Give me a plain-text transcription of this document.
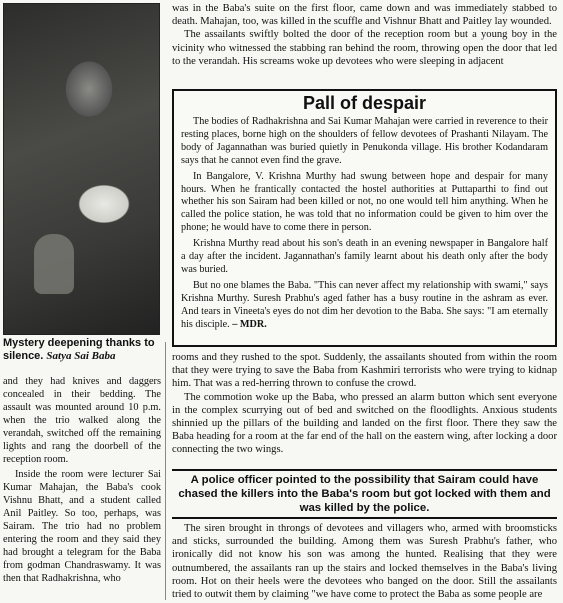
Mystery deepening thanks to silence. Satya Sai Baba

was in the Baba's suite on the first floor, came down and was immediately stabbed to death. Mahajan, too, was killed in the scuffle and Vishnur Bhatt and Paitley lay wounded.

The assailants swiftly bolted the door of the reception room but a young boy in the vicinity who witnessed the stabbing ran behind the room, throwing open the door that led to the verandah. His screams woke up devotees who were sleeping in adjacent

Pall of despair

The bodies of Radhakrishna and Sai Kumar Mahajan were carried in reverence to their resting places, borne high on the shoulders of fellow devotees of Prashanti Nilayam. The body of Jagannathan was buried quietly in Penukonda village. His brother Kodandaram says that he cannot even find the grave.

In Bangalore, V. Krishna Murthy had swung between hope and despair for many hours. When he frantically contacted the hostel authorities at Puttaparthi to find out whether his son Sairam had been killed or not, no one would tell him anything. When he called the police station, he was told that no information could be given to him over the phone; he would have to come there in person.

Krishna Murthy read about his son's death in an evening newspaper in Bangalore half a day after the incident. Jagannathan's family learnt about his death only after the body was buried.

But no one blames the Baba. "This can never affect my relationship with swami," says Krishna Murthy. Suresh Prabhu's aged father has a busy routine in the ashram as ever. And tears in Vineeta's eyes do not dim her devotion to the Baba. She says: "I am eternally his disciple. – MDR.

and they had knives and daggers concealed in their bedding. The assault was mounted around 10 p.m. when the trio walked along the verandah, switched off the remaining lights and rang the doorbell of the reception room.

Inside the room were lecturer Sai Kumar Mahajan, the Baba's cook Vishnu Bhatt, and a student called Anil Paitley. So too, perhaps, was Sairam. The trio had no problem entering the room and they said they had brought a telegram for the Baba from godman Chandraswamy. It was then that Radhakrishna, who

rooms and they rushed to the spot. Suddenly, the assailants shouted from within the room that they were trying to save the Baba from Kashmiri terrorists who were trying to kidnap him. That was a red-herring thrown to confuse the crowd.

The commotion woke up the Baba, who pressed an alarm button which sent everyone in the complex scurrying out of bed and switched on the floodlights. Anxious students shinnied up the pillars of the building and landed on the first floor. There they saw the Baba heading for a room at the far end of the hall on the eastern wing, after locking a door connecting the two wings.

A police officer pointed to the possibility that Sairam could have chased the killers into the Baba's room but got locked with them and was killed by the police.

The siren brought in throngs of devotees and villagers who, armed with broomsticks and sticks, surrounded the building. Among them was Suresh Prabhu's father, who ironically did not know his son was among the hunted. Realising that they were outnumbered, the assailants ran up the stairs and locked themselves in the Baba's living room. Hot on their heels were the devotees who banged on the door. Still the assailants tried to outwit them by claiming "we have come to protect the Baba as some people are
